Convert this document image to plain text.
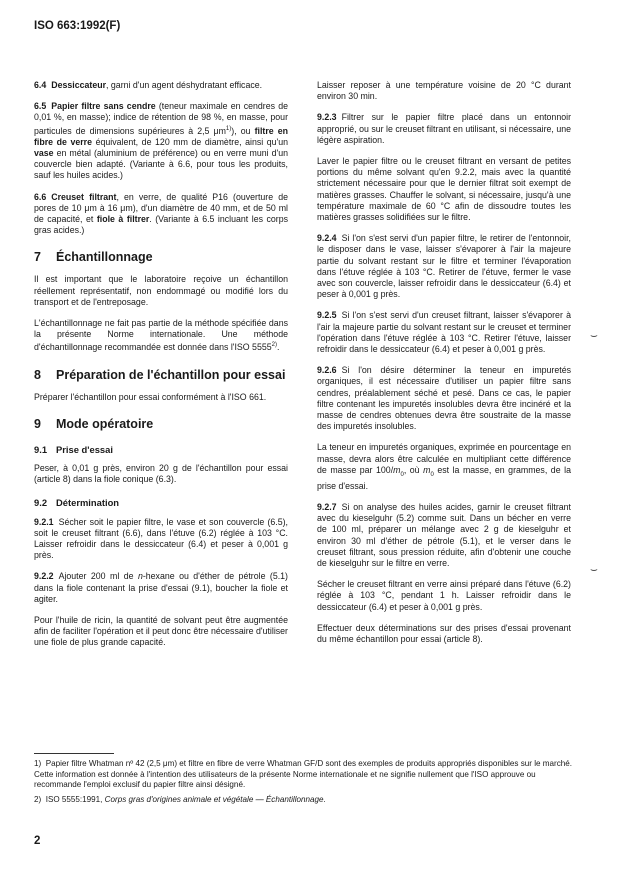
ISO 663:1992(F)

6.4 Dessiccateur, garni d'un agent déshydratant efficace.

6.5 Papier filtre sans cendre (teneur maximale en cendres de 0,01 %, en masse); indice de rétention de 98 %, en masse, pour particules de dimensions supérieures à 2,5 $\mu m^{1)}$), ou filtre en fibre de verre équivalent, de 120 mm de diamètre, ainsi qu'un vase en métal (aluminium de préférence) ou en verre muni d'un couvercle bien adapté. (Variante à 6.6, pour tous les produits, sauf les huiles acides.)

6.6 Creuset filtrant, en verre, de qualité P16 (ouverture de pores de 10 μm à 16 μm), d'un diamètre de 40 mm, et de 50 ml de capacité, et fiole à filtrer. (Variante à 6.5 incluant les corps gras acides.)

7 Échantillonnage

Il est important que le laboratoire reçoive un échantillon réellement représentatif, non endommagé ou modifié lors du transport et de l'entreposage.

L'échantillonnage ne fait pas partie de la méthode spécifiée dans la présente Norme internationale. Une méthode d'échantillonnage recommandée est donnée dans l'ISO 5555$^{2)}$.

8 Préparation de l'échantillon pour essai

Préparer l'échantillon pour essai conformément à l'ISO 661.

9 Mode opératoire
9.1 Prise d'essai

Peser, à 0,01 g près, environ 20 g de l'échantillon pour essai (article 8) dans la fiole conique (6.3).

9.2 Détermination

9.2.1 Sécher soit le papier filtre, le vase et son couvercle (6.5), soit le creuset filtrant (6.6), dans l'étuve (6.2) réglée à 103 °C. Laisser refroidir dans le dessiccateur (6.4) et peser à 0,001 g près.

9.2.2 Ajouter 200 ml de n-hexane ou d'éther de pétrole (5.1) dans la fiole contenant la prise d'essai (9.1), boucher la fiole et agiter.

Pour l'huile de ricin, la quantité de solvant peut être augmentée afin de faciliter l'opération et il peut donc être nécessaire d'utiliser une fiole de plus grande capacité.

Laisser reposer à une température voisine de 20 °C durant environ 30 min.

9.2.3 Filtrer sur le papier filtre placé dans un entonnoir approprié, ou sur le creuset filtrant en utilisant, si nécessaire, une légère aspiration.

Laver le papier filtre ou le creuset filtrant en versant de petites portions du même solvant qu'en 9.2.2, mais avec la quantité strictement nécessaire pour que le dernier filtrat soit exempt de matières grasses. Chauffer le solvant, si nécessaire, jusqu'à une température maximale de 60 °C afin de dissoudre toutes les matières grasses solidifiées sur le filtre.

9.2.4 Si l'on s'est servi d'un papier filtre, le retirer de l'entonnoir, le disposer dans le vase, laisser s'évaporer à l'air la majeure partie du solvant restant sur le filtre et terminer l'évaporation dans l'étuve réglée à 103 °C. Retirer de l'étuve, fermer le vase avec son couvercle, laisser refroidir dans le dessiccateur (6.4) et peser à 0,001 g près.

9.2.5 Si l'on s'est servi d'un creuset filtrant, laisser s'évaporer à l'air la majeure partie du solvant restant sur le creuset et terminer l'opération dans l'étuve réglée à 103 °C. Retirer l'étuve, laisser refroidir dans le dessiccateur (6.4) et peser à 0,001 g près.

9.2.6 Si l'on désire déterminer la teneur en impuretés organiques, il est nécessaire d'utiliser un papier filtre sans cendres, préalablement séché et pesé. Dans ce cas, le papier filtre contenant les impuretés insolubles devra être incinéré et la masse de cendres obtenues devra être soustraite de la masse des impuretés insolubles.

La teneur en impuretés organiques, exprimée en pourcentage en masse, devra alors être calculée en multipliant cette différence de masse par $100/m_0$, où $m_0$ est la masse, en grammes, de la prise d'essai.

9.2.7 Si on analyse des huiles acides, garnir le creuset filtrant avec du kieselguhr (5.2) comme suit. Dans un bécher en verre de 100 ml, préparer un mélange avec 2 g de kieselguhr et environ 30 ml d'éther de pétrole (5.1), et le verser dans le creuset filtrant, sous pression réduite, afin d'obtenir une couche de kieselguhr sur le filtre en verre.

Sécher le creuset filtrant en verre ainsi préparé dans l'étuve (6.2) réglée à 103 °C, pendant 1 h. Laisser refroidir dans le dessiccateur (6.4) et peser à 0,001 g près.

Effectuer deux déterminations sur des prises d'essai provenant du même échantillon pour essai (article 8).

⌣
⌣

1) Papier filtre Whatman nº 42 (2,5 μm) et filtre en fibre de verre Whatman GF/D sont des exemples de produits appropriés disponibles sur le marché. Cette information est donnée à l'intention des utilisateurs de la présente Norme internationale et ne signifie nullement que l'ISO approuve ou recommande l'emploi exclusif du papier filtre ainsi désigné.

2) ISO 5555:1991, Corps gras d'origines animale et végétale — Échantillonnage.

2
